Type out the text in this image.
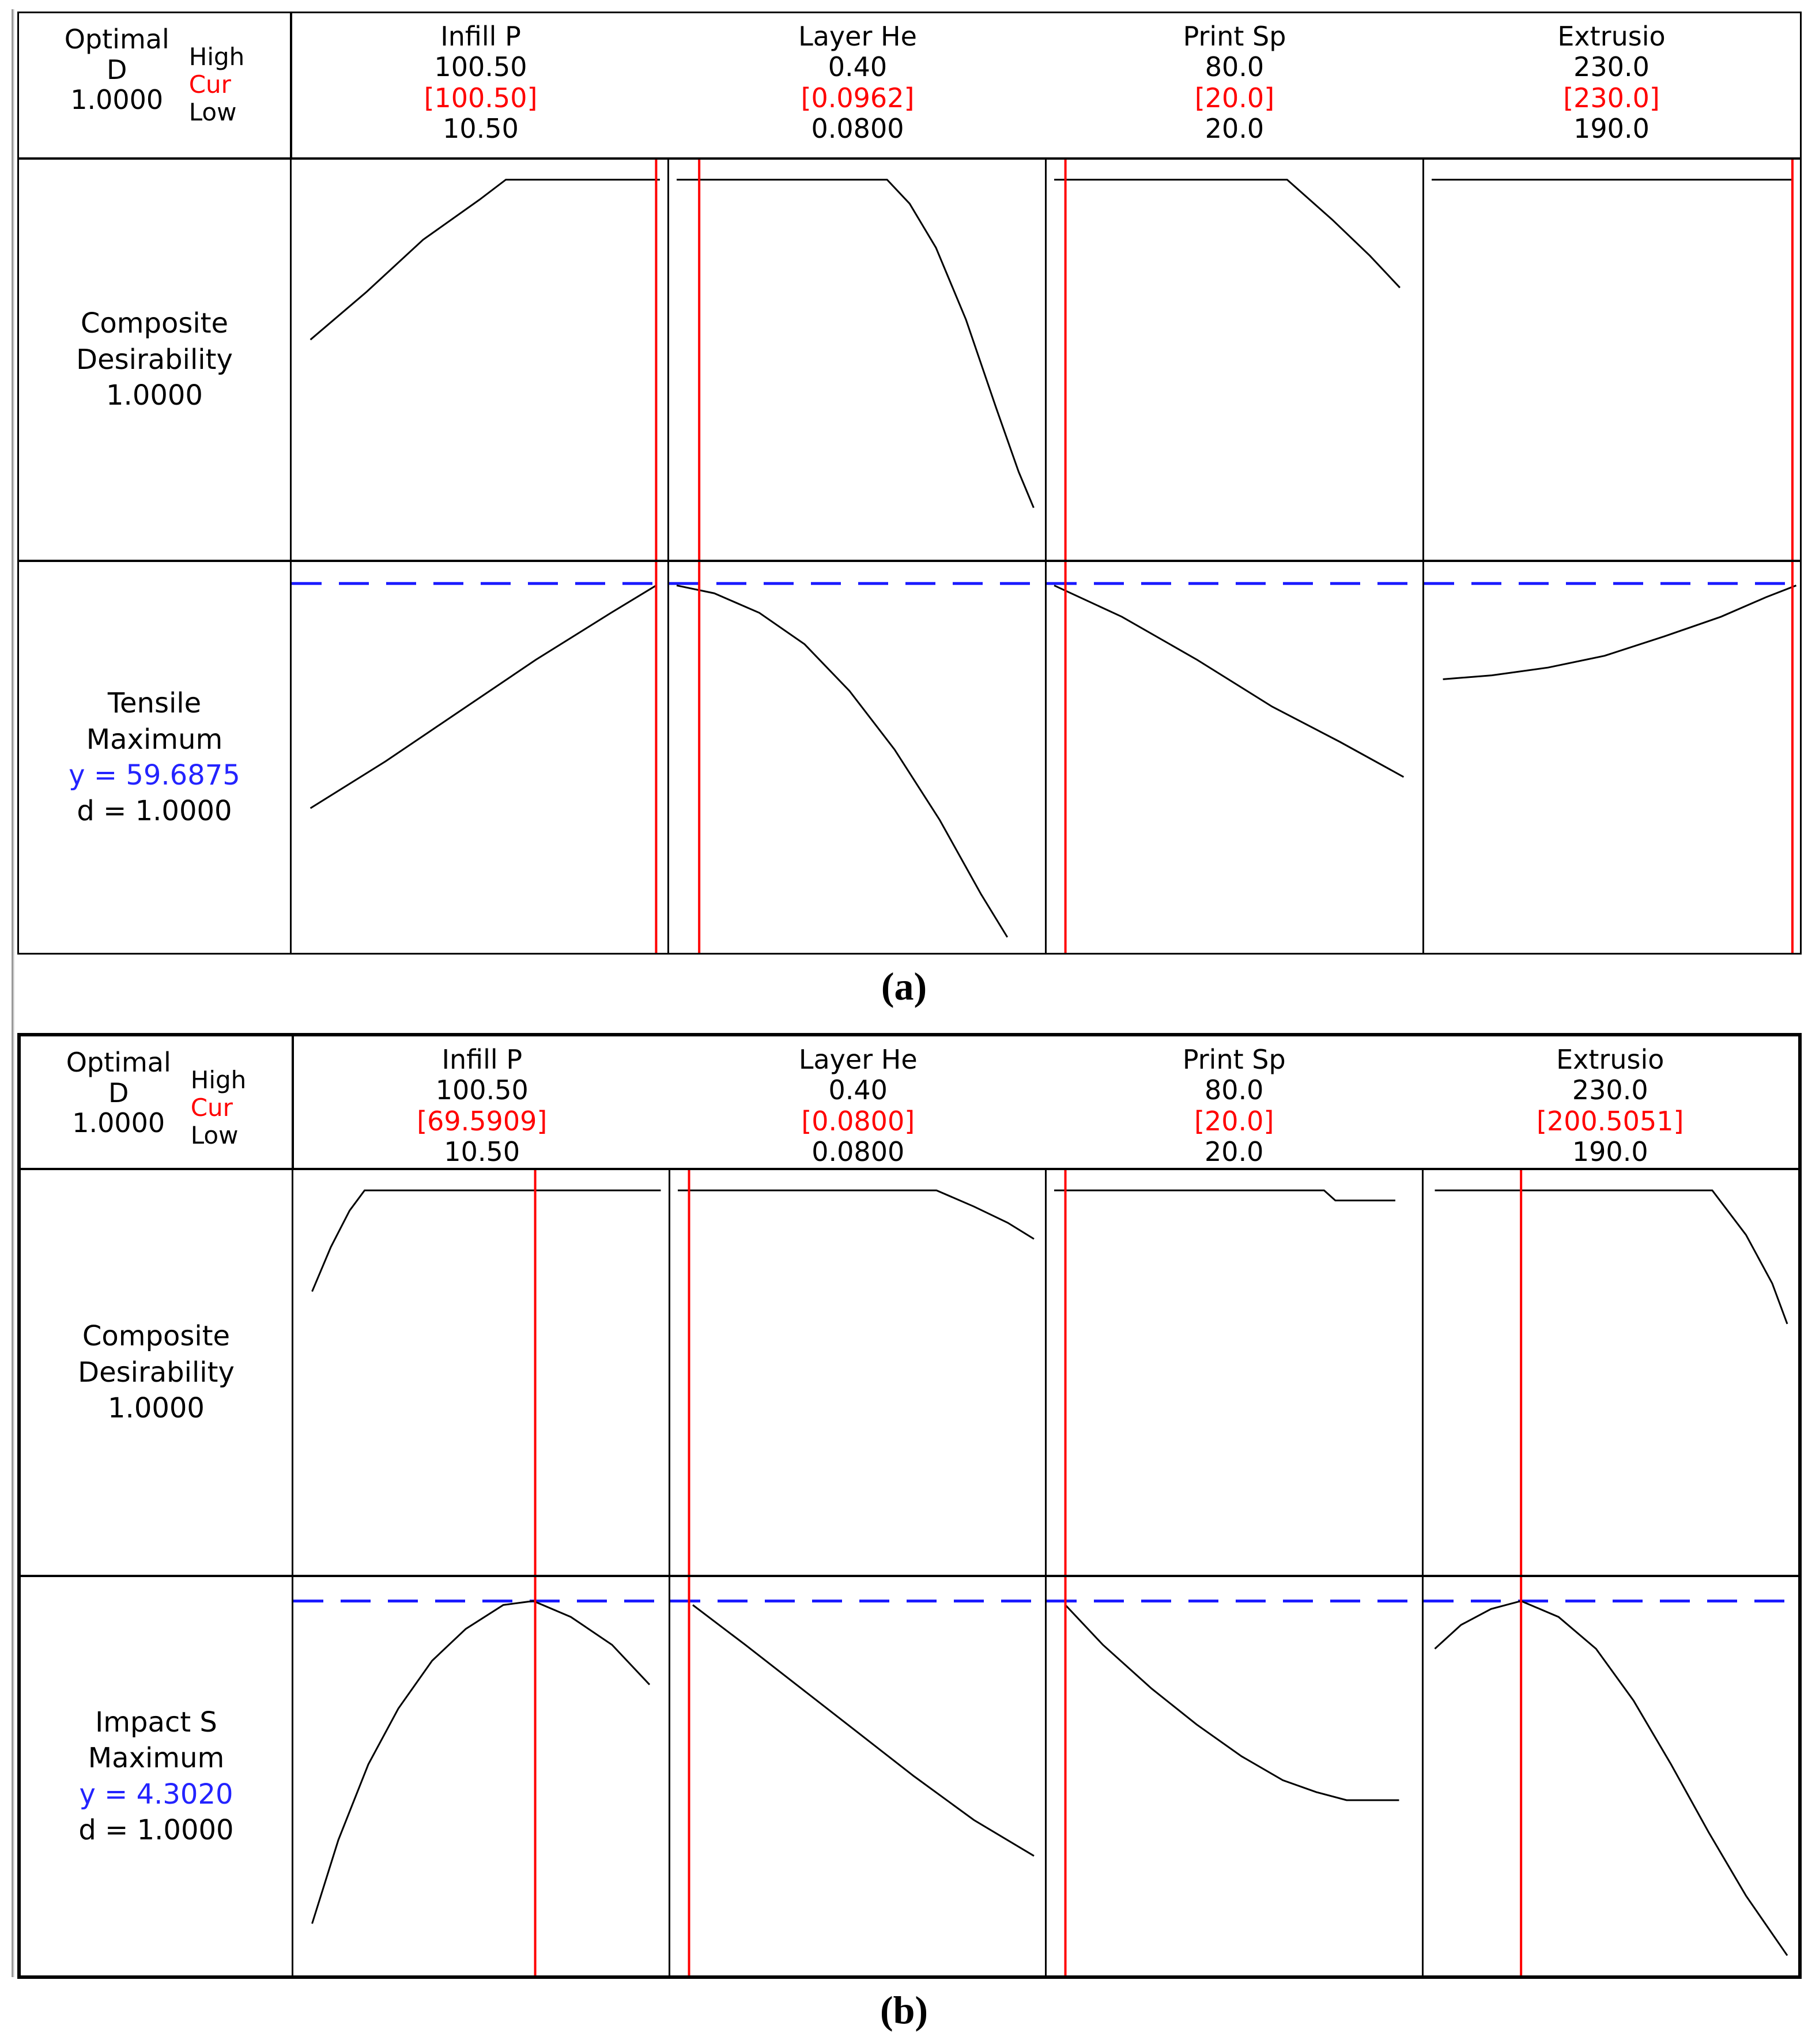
Optimal
D
1.0000
High
Cur
Low
Infill P
100.50
[100.50]
10.50
Layer He
0.40
[0.0962]
0.0800
Print Sp
80.0
[20.0]
20.0
Extrusio
230.0
[230.0]
190.0
Composite
Desirability
1.0000
Tensile
Maximum
y = 59.6875
d = 1.0000
(a)
Optimal
D
1.0000
High
Cur
Low
Infill P
100.50
[69.5909]
10.50
Layer He
0.40
[0.0800]
0.0800
Print Sp
80.0
[20.0]
20.0
Extrusio
230.0
[200.5051]
190.0
Composite
Desirability
1.0000
Impact S
Maximum
y = 4.3020
d = 1.0000
(b)
